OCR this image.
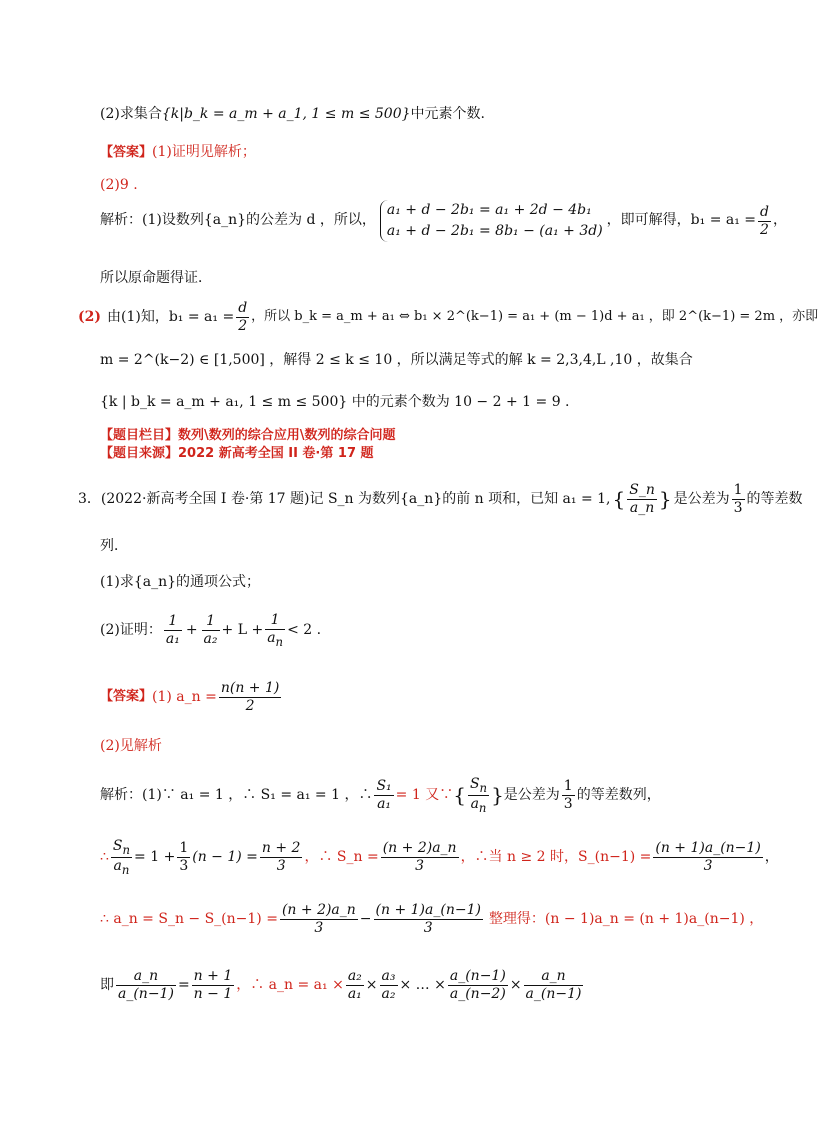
(2)求集合{k|b_k = a_m + a_1, 1 ≤ m ≤ 500}中元素个数.
【答案】(1)证明见解析；
(2)9 .
解析：(1)设数列{a_n}的公差为 d ，所以，
a₁ + d − 2b₁ = a₁ + 2d − 4b₁
a₁ + d − 2b₁ = 8b₁ − (a₁ + 3d)
，即可解得，$b_1 = a_1 = \frac{d}{2}$ ，
所以原命题得证．
(2) 由(1)知，$b_1 = a_1 = \frac{d}{2}$ ，所以 b_k = a_m + a₁ ⇔ b₁ × 2^(k−1) = a₁ + (m − 1)d + a₁ ，即 2^(k−1) = 2m ，亦即
m = 2^(k−2) ∈ [1,500] ，解得 2 ≤ k ≤ 10 ，所以满足等式的解 k = 2,3,4,L ,10 ，故集合
{k | b_k = a_m + a₁, 1 ≤ m ≤ 500} 中的元素个数为 10 − 2 + 1 = 9 .
【题目栏目】数列\数列的综合应用\数列的综合问题
【题目来源】2022 新高考全国 II 卷·第 17 题
3．(2022·新高考全国 I 卷·第 17 题)记 S_n 为数列{a_n}的前 n 项和，已知 a₁ = 1, { $\frac{S\_n}{a\_n}$ } 是公差为 $\frac{1}{3}$ 的等差数
列．
(1)求{a_n}的通项公式；
(2)证明： $\frac{1}{\text{a₁}} + \frac{1}{\text{a₂}} + L + \frac{1}{a_n} < 2$ .
【答案】 (1) a_n = $\frac{n(n + 1)}{2}$
(2)见解析
解析：(1)∵ a₁ = 1 ，∴ S₁ = a₁ = 1 ，∴ $\frac{\text{S₁}}{\text{a₁}} = 1$ 又∵ { $\frac{S_n}{a_n}$ } 是公差为 $\frac{1}{3}$ 的等差数列，
∴ $\frac{S_n}{a_n} = 1 + \frac{1}{3} (n - 1) = \frac{n + 2}{3}$ ，∴ S_n = $\frac{(n + 2)a\_n}{3}$ ，∴当 n ≥ 2 时，S_(n−1) = $\frac{(n + 1)a\_(n-1)}{3}$ ，
∴ a_n = S_n − S_(n−1) = $\frac{(n + 2)a\_n}{3} - \frac{(n + 1)a\_(n-1)}{3}$ 整理得：(n − 1)a_n = (n + 1)a_(n−1) ，
即 $\frac{a\_n}{a\_(n-1)} = \frac{n + 1}{n - 1}$ ，∴ a_n = $a_1 \times \frac{\text{a₂}}{\text{a₁}} \times \frac{\text{a₃}}{\text{a₂}}$ × … × $\frac{a\_(n-1)}{a\_(n-2)} \times \frac{a\_n}{a\_(n-1)}$
